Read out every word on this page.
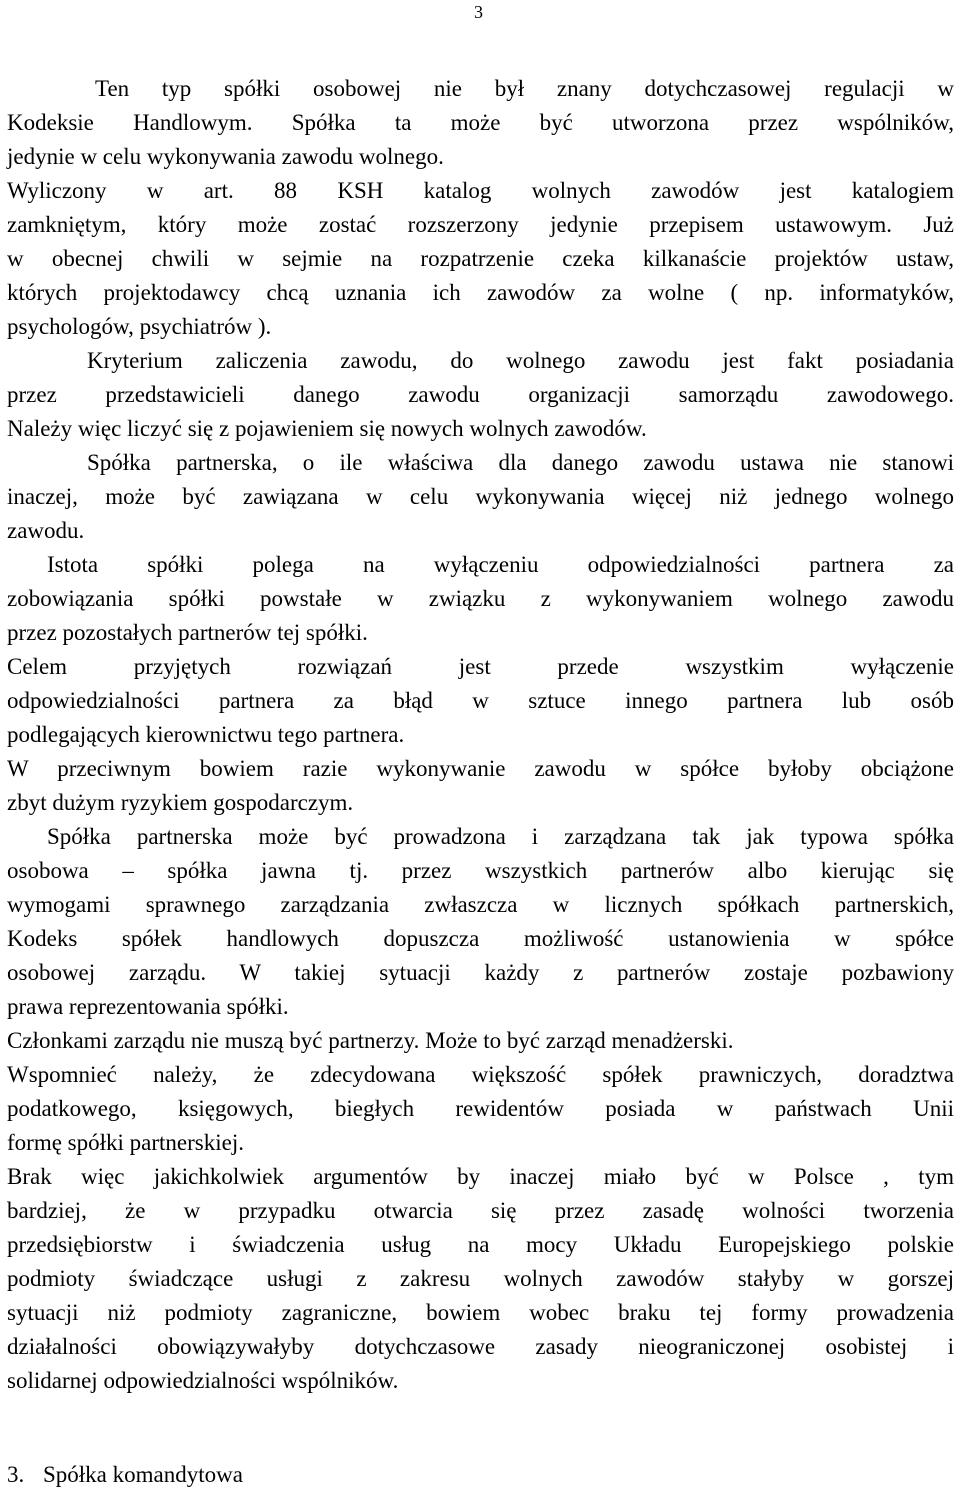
3
Ten typ spółki osobowej nie był znany dotychczasowej regulacji w
Kodeksie Handlowym. Spółka ta może być utworzona przez wspólników,
jedynie w celu wykonywania zawodu wolnego.
Wyliczony w art. 88 KSH katalog wolnych zawodów jest katalogiem
zamkniętym, który może zostać rozszerzony jedynie przepisem ustawowym. Już
w obecnej chwili w sejmie na rozpatrzenie czeka kilkanaście projektów ustaw,
których projektodawcy chcą uznania ich zawodów za wolne ( np. informatyków,
psychologów, psychiatrów ).
Kryterium zaliczenia zawodu, do wolnego zawodu jest fakt posiadania
przez przedstawicieli danego zawodu organizacji samorządu zawodowego.
Należy więc liczyć się z pojawieniem się nowych wolnych zawodów.
Spółka partnerska, o ile właściwa dla danego zawodu ustawa nie stanowi
inaczej, może być zawiązana w celu wykonywania więcej niż jednego wolnego
zawodu.
Istota spółki polega na wyłączeniu odpowiedzialności partnera za
zobowiązania spółki powstałe w związku z wykonywaniem wolnego zawodu
przez pozostałych partnerów tej spółki.
Celem przyjętych rozwiązań jest przede wszystkim wyłączenie
odpowiedzialności partnera za błąd w sztuce innego partnera lub osób
podlegających kierownictwu tego partnera.
W przeciwnym bowiem razie wykonywanie zawodu w spółce byłoby obciążone
zbyt dużym ryzykiem gospodarczym.
Spółka partnerska może być prowadzona i zarządzana tak jak typowa spółka
osobowa – spółka jawna tj. przez wszystkich partnerów albo kierując się
wymogami sprawnego zarządzania zwłaszcza w licznych spółkach partnerskich,
Kodeks spółek handlowych dopuszcza możliwość ustanowienia w spółce
osobowej zarządu. W takiej sytuacji każdy z partnerów zostaje pozbawiony
prawa reprezentowania spółki.
Członkami zarządu nie muszą być partnerzy. Może to być zarząd menadżerski.
Wspomnieć należy, że zdecydowana większość spółek prawniczych, doradztwa
podatkowego, księgowych, biegłych rewidentów posiada w państwach Unii
formę spółki partnerskiej.
Brak więc jakichkolwiek argumentów by inaczej miało być w Polsce , tym
bardziej, że w przypadku otwarcia się przez zasadę wolności tworzenia
przedsiębiorstw i świadczenia usług na mocy Układu Europejskiego polskie
podmioty świadczące usługi z zakresu wolnych zawodów stałyby w gorszej
sytuacji niż podmioty zagraniczne, bowiem wobec braku tej formy prowadzenia
działalności obowiązywałyby dotychczasowe zasady nieograniczonej osobistej i
solidarnej odpowiedzialności wspólników.
3. Spółka komandytowa
